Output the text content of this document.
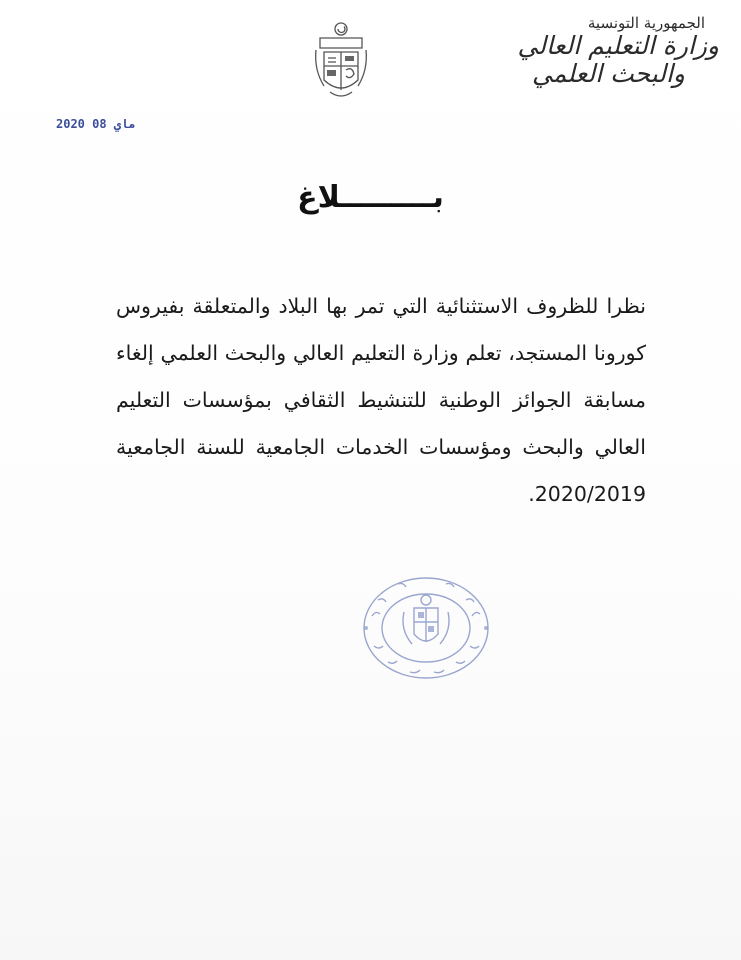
الجمهورية التونسية
وزارة التعليم العالي
والبحث العلمي
2020 ماي 08
بـــــــــلاغ
نظرا للظروف الاستثنائية التي تمر بها البلاد والمتعلقة بفيروس كورونا المستجد، تعلم وزارة التعليم العالي والبحث العلمي إلغاء مسابقة الجوائز الوطنية للتنشيط الثقافي بمؤسسات التعليم العالي والبحث ومؤسسات الخدمات الجامعية للسنة الجامعية 2020/2019.
